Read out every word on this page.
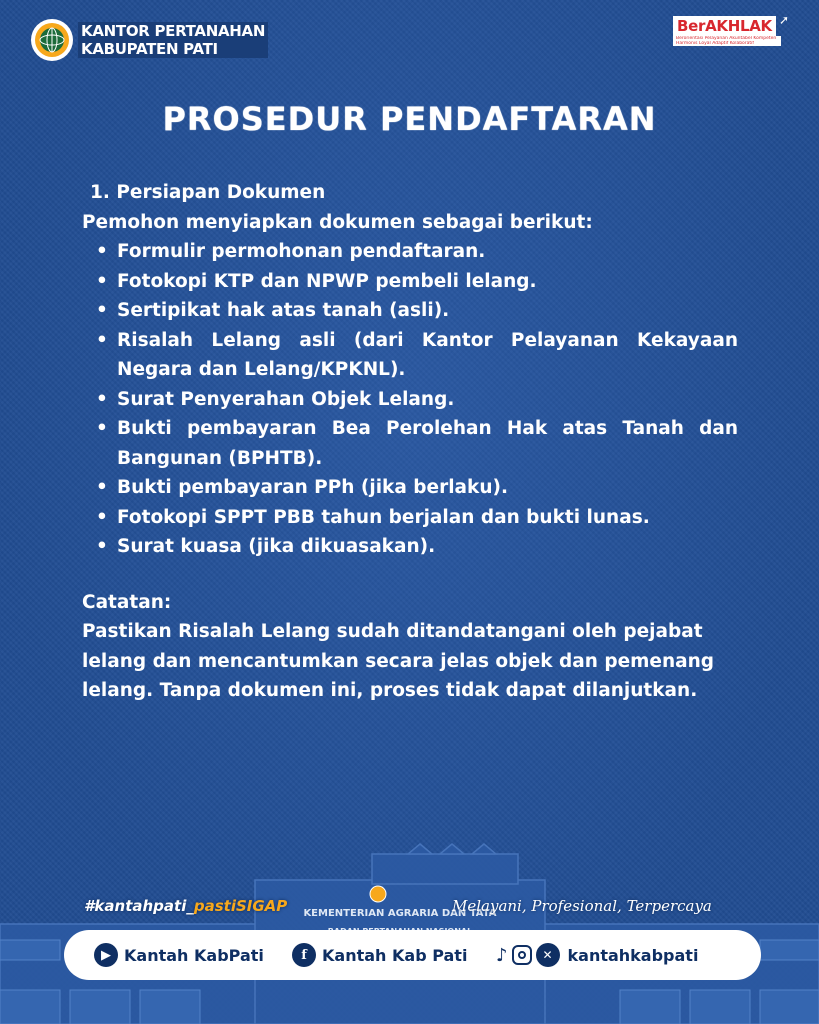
KANTOR PERTANAHAN
KABUPATEN PATI
BerAKHLAK ➚
Berorientasi Pelayanan Akuntabel Kompeten
Harmonis Loyal Adaptif Kolaboratif
PROSEDUR PENDAFTARAN
1. Persiapan Dokumen
Pemohon menyiapkan dokumen sebagai berikut:
• Formulir permohonan pendaftaran.
• Fotokopi KTP dan NPWP pembeli lelang.
• Sertipikat hak atas tanah (asli).
• Risalah Lelang asli (dari Kantor Pelayanan Kekayaan Negara dan Lelang/KPKNL).
• Surat Penyerahan Objek Lelang.
• Bukti pembayaran Bea Perolehan Hak atas Tanah dan Bangunan (BPHTB).
• Bukti pembayaran PPh (jika berlaku).
• Fotokopi SPPT PBB tahun berjalan dan bukti lunas.
• Surat kuasa (jika dikuasakan).
Catatan:
Pastikan Risalah Lelang sudah ditandatangani oleh pejabat lelang dan mencantumkan secara jelas objek dan pemenang lelang. Tanpa dokumen ini, proses tidak dapat dilanjutkan.
KEMENTERIAN AGRARIA DAN TATA
#kantahpati_pastiSIGAP	Melayani, Profesional, Terpercaya
▶ Kantah KabPati	f Kantah Kab Pati ♪	✕ kantahkabpati
